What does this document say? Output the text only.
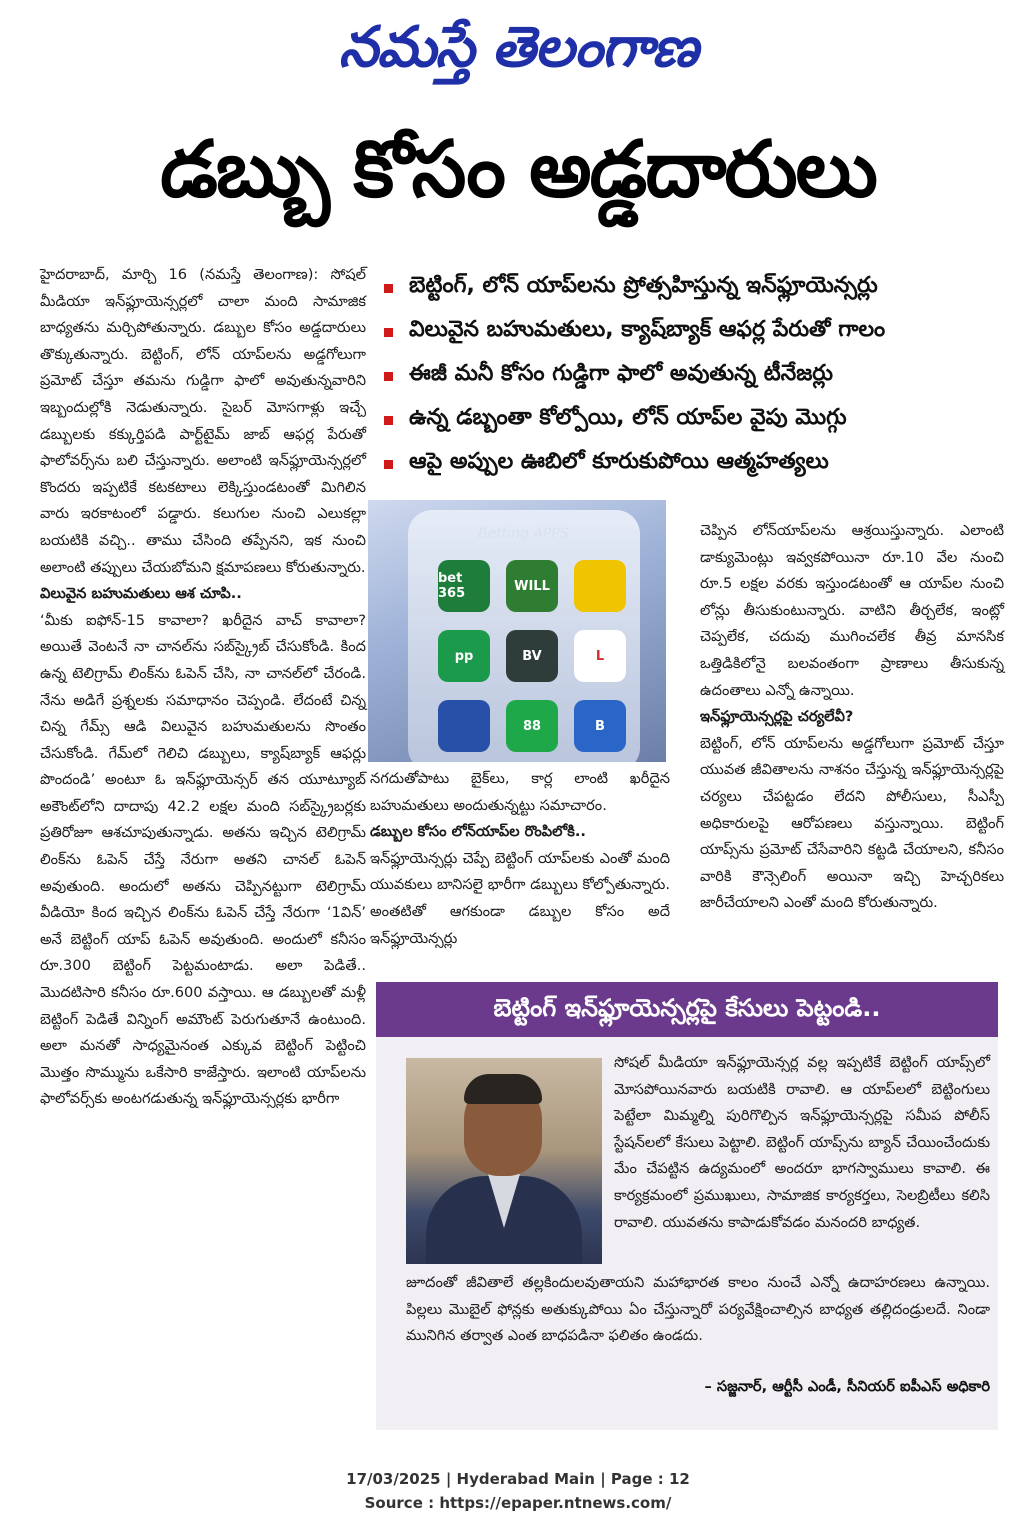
నమస్తే తెలంగాణ
డబ్బు కోసం అడ్డదారులు

హైదరాబాద్, మార్చి 16 (నమస్తే తెలంగాణ): సోషల్ మీడియా ఇన్‌ఫ్లూయెన్సర్లలో చాలా మంది సామాజిక బాధ్యతను మర్చిపోతున్నారు. డబ్బుల కోసం అడ్డదారులు తొక్కుతున్నారు. బెట్టింగ్, లోన్ యాప్‌లను అడ్డగోలుగా ప్రమోట్ చేస్తూ తమను గుడ్డిగా ఫాలో అవుతున్నవారిని ఇబ్బందుల్లోకి నెడుతున్నారు. సైబర్ మోసగాళ్లు ఇచ్చే డబ్బులకు కక్కుర్తిపడి పార్ట్‌టైమ్ జాబ్ ఆఫర్ల పేరుతో ఫాలోవర్స్‌ను బలి చేస్తున్నారు. అలాంటి ఇన్‌ఫ్లూయెన్సర్లలో కొందరు ఇప్పటికే కటకటాలు లెక్కిస్తుండటంతో మిగిలిన వారు ఇరకాటంలో పడ్డారు. కలుగుల నుంచి ఎలుకల్లా బయటికి వచ్చి.. తాము చేసింది తప్పేనని, ఇక నుంచి అలాంటి తప్పులు చేయబోమని క్షమాపణలు కోరుతున్నారు.

విలువైన బహుమతులు ఆశ చూపి..

‘మీకు ఐఫోన్-15 కావాలా? ఖరీదైన వాచ్ కావాలా? అయితే వెంటనే నా చానల్‌ను సబ్‌స్క్రైబ్ చేసుకోండి. కింద ఉన్న టెలిగ్రామ్ లింక్‌ను ఓపెన్ చేసి, నా చానల్‌లో చేరండి. నేను అడిగే ప్రశ్నలకు సమాధానం చెప్పండి. లేదంటే చిన్న చిన్న గేమ్స్ ఆడి విలువైన బహుమతులను సొంతం చేసుకోండి. గేమ్‌లో గెలిచి డబ్బులు, క్యాష్‌బ్యాక్ ఆఫర్లు పొందండి’ అంటూ ఓ ఇన్‌ఫ్లూయెన్సర్ తన యూట్యూబ్ అకౌంట్‌లోని దాదాపు 42.2 లక్షల మంది సబ్‌స్క్రైబర్లకు ప్రతిరోజూ ఆశచూపుతున్నాడు. అతను ఇచ్చిన టెలిగ్రామ్ లింక్‌ను ఓపెన్ చేస్తే నేరుగా అతని చానల్ ఓపెన్ అవుతుంది. అందులో అతను చెప్పినట్టుగా టెలిగ్రామ్ వీడియో కింద ఇచ్చిన లింక్‌ను ఓపెన్ చేస్తే నేరుగా ‘1విన్’ అనే బెట్టింగ్ యాప్ ఓపెన్ అవుతుంది. అందులో కనీసం రూ.300 బెట్టింగ్ పెట్టమంటాడు. అలా పెడితే.. మొదటిసారి కనీసం రూ.600 వస్తాయి. ఆ డబ్బులతో మళ్లీ బెట్టింగ్ పెడితే విన్నింగ్ అమౌంట్ పెరుగుతూనే ఉంటుంది. అలా మనతో సాధ్యమైనంత ఎక్కువ బెట్టింగ్ పెట్టించి మొత్తం సొమ్మును ఒకేసారి కాజేస్తారు. ఇలాంటి యాప్‌లను ఫాలోవర్స్‌కు అంటగడుతున్న ఇన్‌ఫ్లూయెన్సర్లకు భారీగా

బెట్టింగ్, లోన్ యాప్‌లను ప్రోత్సహిస్తున్న ఇన్‌ఫ్లూయెన్సర్లు
విలువైన బహుమతులు, క్యాష్‌బ్యాక్ ఆఫర్ల పేరుతో గాలం
ఈజీ మనీ కోసం గుడ్డిగా ఫాలో అవుతున్న టీనేజర్లు
ఉన్న డబ్బంతా కోల్పోయి, లోన్ యాప్‌ల వైపు మొగ్గు
ఆపై అప్పుల ఊబిలో కూరుకుపోయి ఆత్మహత్యలు
Betting APPS
bet 365	WILL
pp	BV	L
88	B

నగదుతోపాటు బైక్‌లు, కార్ల లాంటి ఖరీదైన బహుమతులు అందుతున్నట్టు సమాచారం.

డబ్బుల కోసం లోన్‌యాప్‌ల రొంపిలోకి..

ఇన్‌ఫ్లూయెన్సర్లు చెప్పే బెట్టింగ్ యాప్‌లకు ఎంతో మంది యువకులు బానిసలై భారీగా డబ్బులు కోల్పోతున్నారు. అంతటితో ఆగకుండా డబ్బుల కోసం అదే ఇన్‌ఫ్లూయెన్సర్లు

చెప్పిన లోన్‌యాప్‌లను ఆశ్రయిస్తున్నారు. ఎలాంటి డాక్యుమెంట్లు ఇవ్వకపోయినా రూ.10 వేల నుంచి రూ.5 లక్షల వరకు ఇస్తుండటంతో ఆ యాప్‌ల నుంచి లోన్లు తీసుకుంటున్నారు. వాటిని తీర్చలేక, ఇంట్లో చెప్పలేక, చదువు ముగించలేక తీవ్ర మానసిక ఒత్తిడికిలోనై బలవంతంగా ప్రాణాలు తీసుకున్న ఉదంతాలు ఎన్నో ఉన్నాయి.

ఇన్‌ఫ్లూయెన్సర్లపై చర్యలేవీ?

బెట్టింగ్, లోన్ యాప్‌లను అడ్డగోలుగా ప్రమోట్ చేస్తూ యువత జీవితాలను నాశనం చేస్తున్న ఇన్‌ఫ్లూయెన్సర్లపై చర్యలు చేపట్టడం లేదని పోలీసులు, సీఎస్పీ అధికారులపై ఆరోపణలు వస్తున్నాయి. బెట్టింగ్ యాప్స్‌ను ప్రమోట్ చేసేవారిని కట్టడి చేయాలని, కనీసం వారికి కౌన్సెలింగ్ అయినా ఇచ్చి హెచ్చరికలు జారీచేయాలని ఎంతో మంది కోరుతున్నారు.

బెట్టింగ్ ఇన్‌ఫ్లూయెన్సర్లపై కేసులు పెట్టండి..
సోషల్ మీడియా ఇన్‌ఫ్లూయెన్సర్ల వల్ల ఇప్పటికే బెట్టింగ్ యాప్స్‌లో మోసపోయినవారు బయటికి రావాలి. ఆ యాప్‌లలో బెట్టింగులు పెట్టేలా మిమ్మల్ని పురిగొల్పిన ఇన్‌ఫ్లూయెన్సర్లపై సమీప పోలీస్ స్టేషన్‌లలో కేసులు పెట్టాలి. బెట్టింగ్ యాప్స్‌ను బ్యాన్ చేయించేందుకు మేం చేపట్టిన ఉద్యమంలో అందరూ భాగస్వాములు కావాలి. ఈ కార్యక్రమంలో ప్రముఖులు, సామాజిక కార్యకర్తలు, సెలబ్రిటీలు కలిసి రావాలి. యువతను కాపాడుకోవడం మనందరి బాధ్యత.
జూదంతో జీవితాలే తల్లకిందులవుతాయని మహాభారత కాలం నుంచే ఎన్నో ఉదాహరణలు ఉన్నాయి. పిల్లలు మొబైల్ ఫోన్లకు అతుక్కుపోయి ఏం చేస్తున్నారో పర్యవేక్షించాల్సిన బాధ్యత తల్లిదండ్రులదే. నిండా మునిగిన తర్వాత ఎంత బాధపడినా ఫలితం ఉండదు.
– సజ్జనార్, ఆర్టీసీ ఎండీ, సీనియర్ ఐపీఎస్ అధికారి
17/03/2025 | Hyderabad Main | Page : 12
Source : https://epaper.ntnews.com/
